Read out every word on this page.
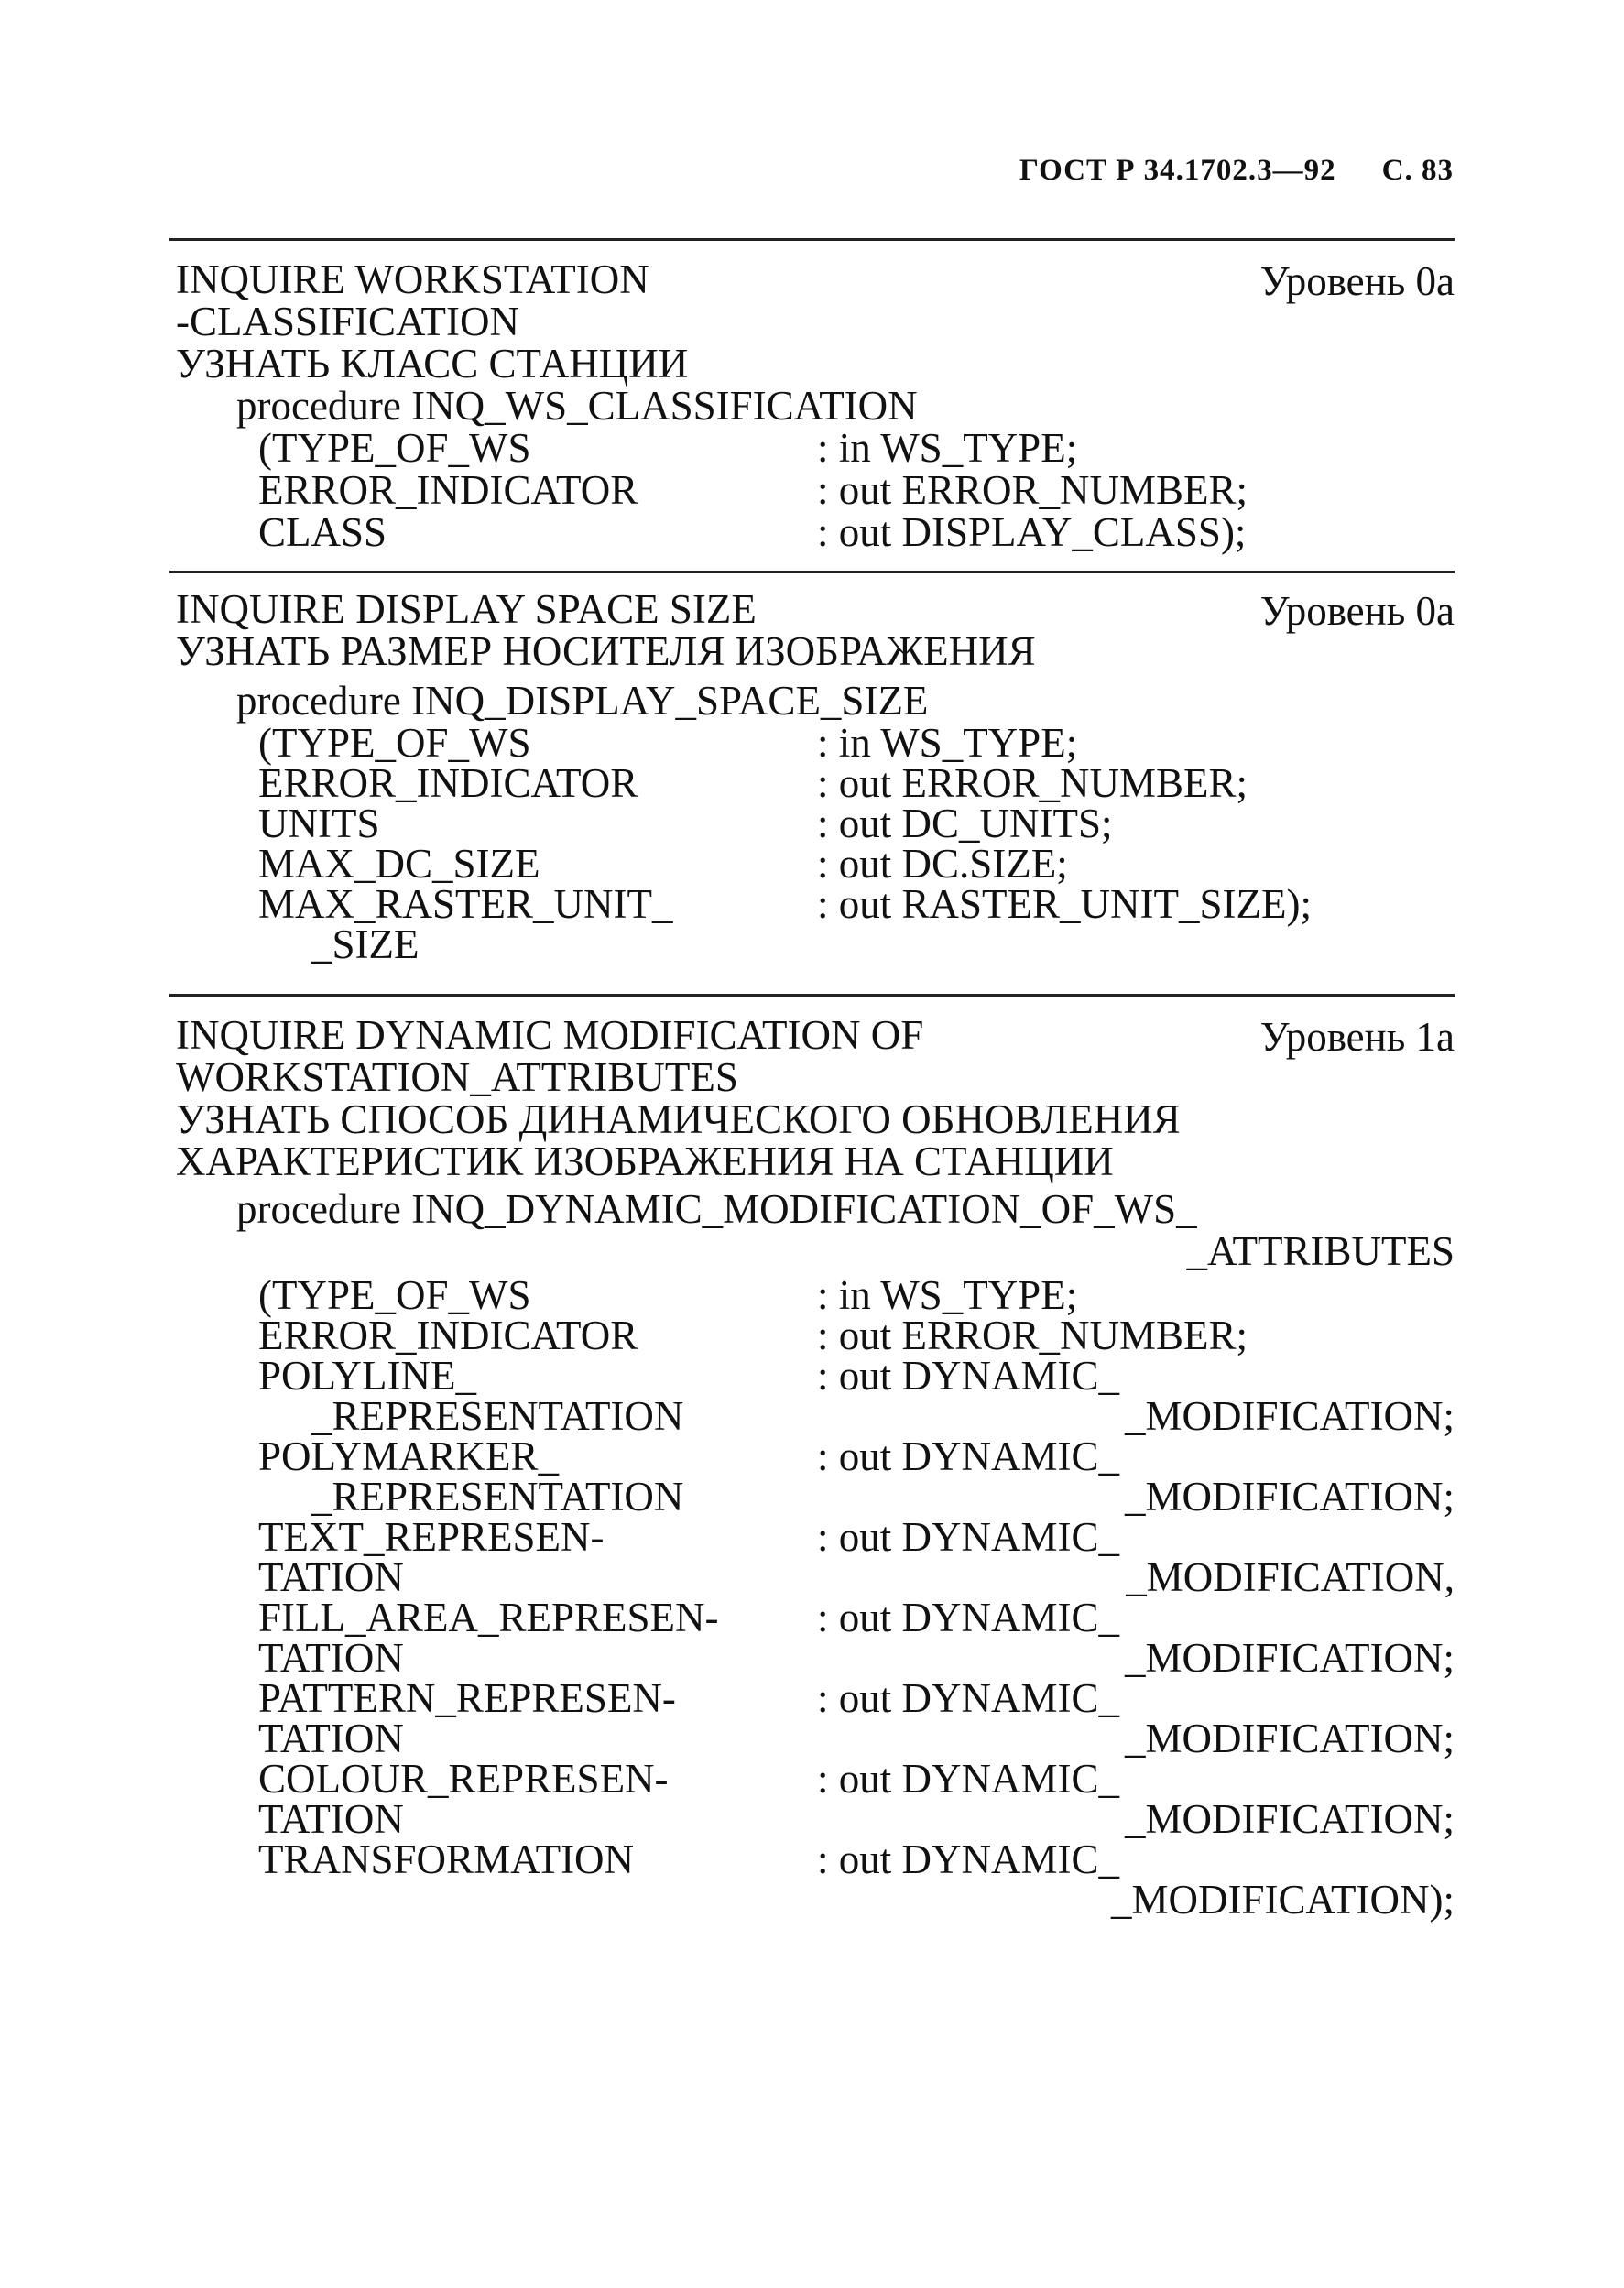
ГОСТ Р 34.1702.3—92 С. 83
INQUIRE WORKSTATION	Уровень 0а
-CLASSIFICATION
УЗНАТЬ КЛАСС СТАНЦИИ
procedure INQ_WS_CLASSIFICATION
(TYPE_OF_WS	: in WS_TYPE;
ERROR_INDICATOR	: out ERROR_NUMBER;
CLASS	: out DISPLAY_CLASS);
INQUIRE DISPLAY SPACE SIZE	Уровень 0а
УЗНАТЬ РАЗМЕР НОСИТЕЛЯ ИЗОБРАЖЕНИЯ
procedure INQ_DISPLAY_SPACE_SIZE
(TYPE_OF_WS	: in WS_TYPE;
ERROR_INDICATOR	: out ERROR_NUMBER;
UNITS	: out DC_UNITS;
MAX_DC_SIZE	: out DC.SIZE;
MAX_RASTER_UNIT_	: out RASTER_UNIT_SIZE);
_SIZE
INQUIRE DYNAMIC MODIFICATION OF	Уровень 1а
WORKSTATION_ATTRIBUTES
УЗНАТЬ СПОСОБ ДИНАМИЧЕСКОГО ОБНОВЛЕНИЯ
ХАРАКТЕРИСТИК ИЗОБРАЖЕНИЯ НА СТАНЦИИ
procedure INQ_DYNAMIC_MODIFICATION_OF_WS_
_ATTRIBUTES
(TYPE_OF_WS	: in WS_TYPE;
ERROR_INDICATOR	: out ERROR_NUMBER;
POLYLINE_	: out DYNAMIC_
_REPRESENTATION	_MODIFICATION;
POLYMARKER_	: out DYNAMIC_
_REPRESENTATION	_MODIFICATION;
TEXT_REPRESEN-	: out DYNAMIC_
TATION	_MODIFICATION,
FILL_AREA_REPRESEN- : out DYNAMIC_
TATION	_MODIFICATION;
PATTERN_REPRESEN-	: out DYNAMIC_
TATION	_MODIFICATION;
COLOUR_REPRESEN-	: out DYNAMIC_
TATION	_MODIFICATION;
TRANSFORMATION	: out DYNAMIC_
_MODIFICATION);
